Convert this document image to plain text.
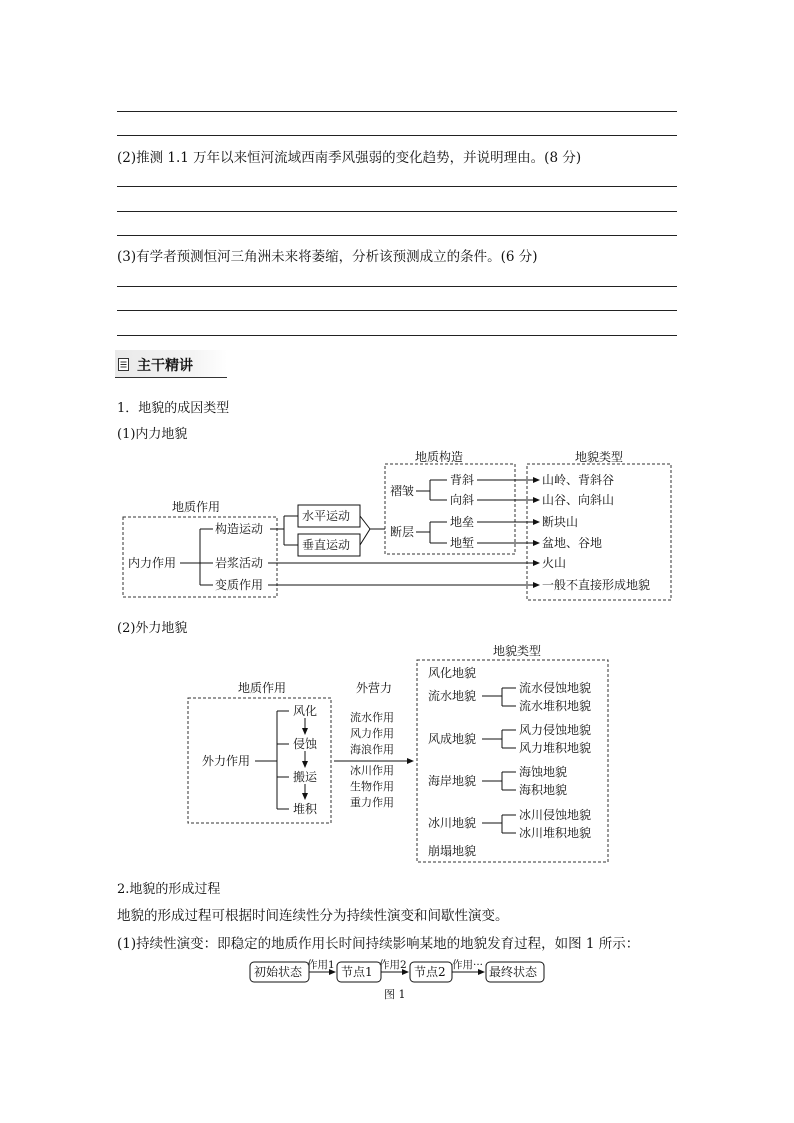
(2)推测 1.1 万年以来恒河流域西南季风强弱的变化趋势，并说明理由。(8 分)
(3)有学者预测恒河三角洲未来将萎缩，分析该预测成立的条件。(6 分)
主干精讲
1．地貌的成因类型
(1)内力地貌
地质作用
地质构造	地貌类型
内力作用
构造运动
岩浆活动
变质作用
水平运动
垂直运动
褶皱
断层
背斜
向斜
地垒
地堑
山岭、背斜谷
山谷、向斜山
断块山
盆地、谷地
火山
一般不直接形成地貌
地质作用	外营力
地貌类型
外力作用
风化
侵蚀
搬运
堆积
流水作用
风力作用
海浪作用
冰川作用
生物作用
重力作用
风化地貌
流水地貌
流水侵蚀地貌
流水堆积地貌
风成地貌
风力侵蚀地貌
风力堆积地貌
海岸地貌
海蚀地貌
海积地貌
冰川地貌
冰川侵蚀地貌
冰川堆积地貌
崩塌地貌
初始状态	节点1	节点2	最终状态
作用1	作用2	作用···
图 1
(2)外力地貌
2.地貌的形成过程
地貌的形成过程可根据时间连续性分为持续性演变和间歇性演变。
(1)持续性演变：即稳定的地质作用长时间持续影响某地的地貌发育过程，如图 1 所示：
